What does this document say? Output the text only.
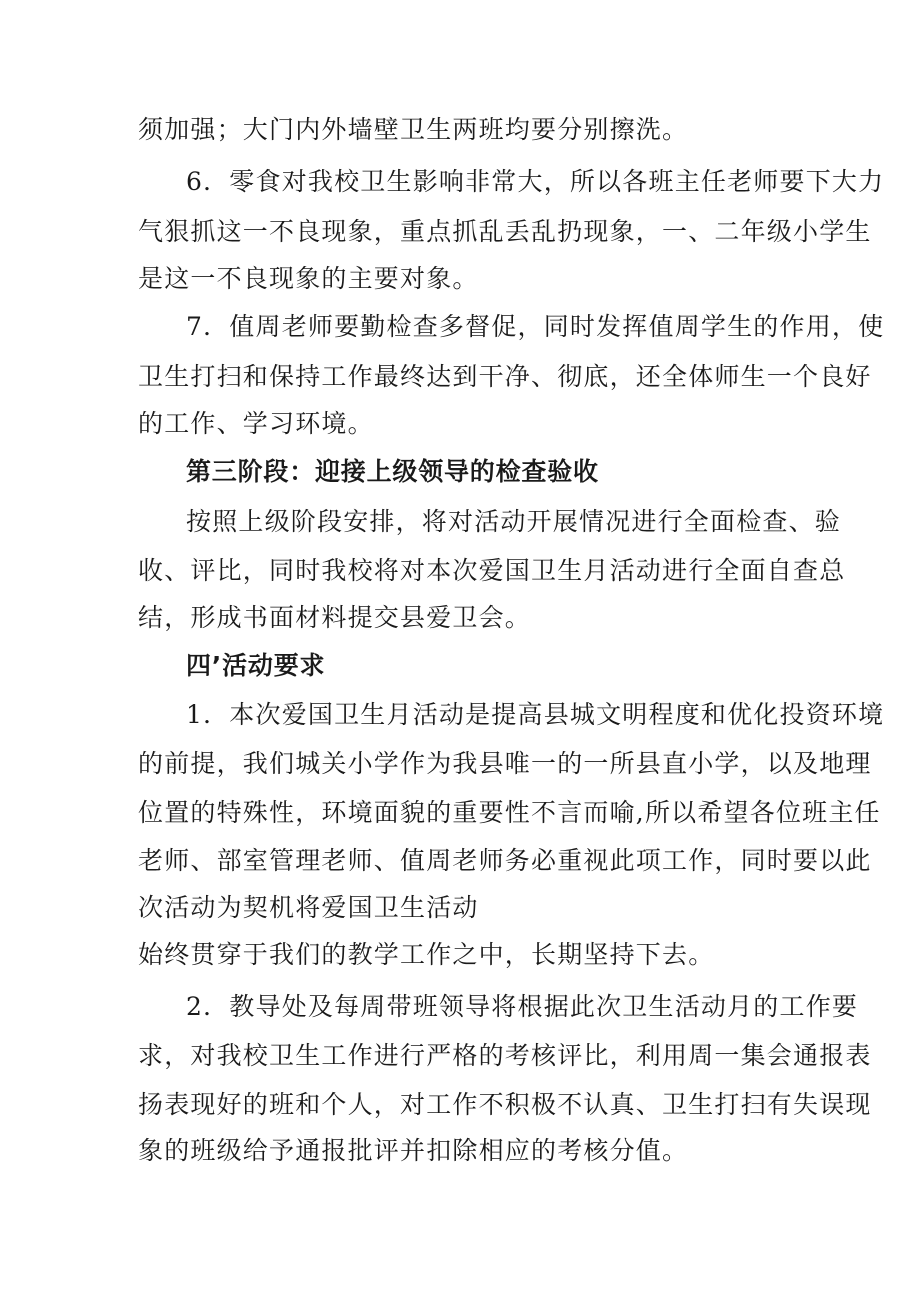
须加强；大门内外墙壁卫生两班均要分别擦洗。
6．零食对我校卫生影响非常大，所以各班主任老师要下大力
气狠抓这一不良现象，重点抓乱丢乱扔现象，一、二年级小学生
是这一不良现象的主要对象。
7．值周老师要勤检查多督促，同时发挥值周学生的作用，使
卫生打扫和保持工作最终达到干净、彻底，还全体师生一个良好
的工作、学习环境。
第三阶段：迎接上级领导的检查验收
按照上级阶段安排，将对活动开展情况进行全面检查、验
收、评比，同时我校将对本次爱国卫生月活动进行全面自查总
结，形成书面材料提交县爱卫会。
四’活动要求
1．本次爱国卫生月活动是提高县城文明程度和优化投资环境
的前提，我们城关小学作为我县唯一的一所县直小学，以及地理
位置的特殊性，环境面貌的重要性不言而喻,所以希望各位班主任
老师、部室管理老师、值周老师务必重视此项工作，同时要以此
次活动为契机将爱国卫生活动
始终贯穿于我们的教学工作之中，长期坚持下去。
2．教导处及每周带班领导将根据此次卫生活动月的工作要
求，对我校卫生工作进行严格的考核评比，利用周一集会通报表
扬表现好的班和个人，对工作不积极不认真、卫生打扫有失误现
象的班级给予通报批评并扣除相应的考核分值。
